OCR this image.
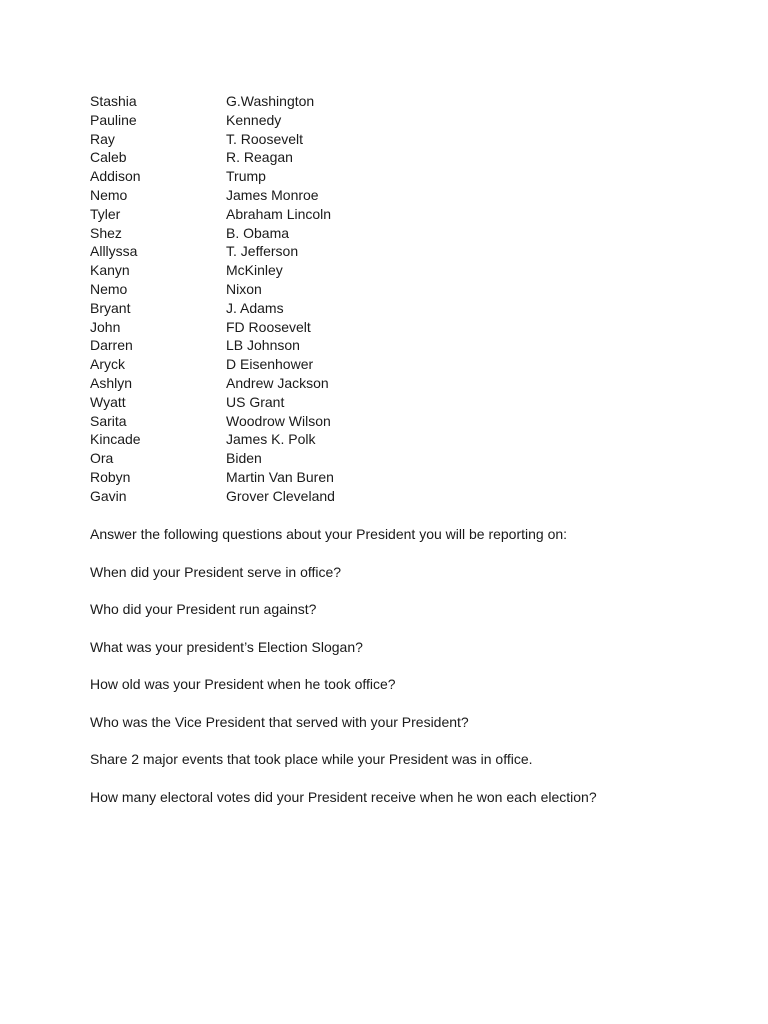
Stashia	G.Washington
Pauline	Kennedy
Ray	T. Roosevelt
Caleb	R. Reagan
Addison	Trump
Nemo	James Monroe
Tyler	Abraham Lincoln
Shez	B. Obama
Alllyssa	T. Jefferson
Kanyn	McKinley
Nemo	Nixon
Bryant	J. Adams
John	FD Roosevelt
Darren	LB Johnson
Aryck	D Eisenhower
Ashlyn	Andrew Jackson
Wyatt	US Grant
Sarita	Woodrow Wilson
Kincade	James K. Polk
Ora	Biden
Robyn	Martin Van Buren
Gavin	Grover Cleveland
Answer the following questions about your President you will be reporting on:
When did your President serve in office?
Who did your President run against?
What was your president’s Election Slogan?
How old was your President when he took office?
Who was the Vice President that served with your President?
Share 2 major events that took place while your President was in office.
How many electoral votes did your President receive when he won each election?
